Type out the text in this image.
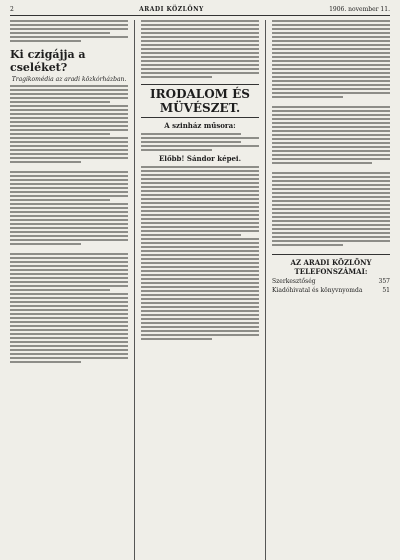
2	ARADI KÖZLÖNY	1906. november 11.
Ki czigájja a cseléket?
Tragikomédia az aradi közkórházban.
IRODALOM ÉS MÜVÉSZET.
A szinház műsora:
Előbb! Sándor képei.
AZ ARADI KÖZLÖNY TELEFONSZÁMAI:
Szerkesztőség	357
Kiadóhivatal és könyvnyomda	51
